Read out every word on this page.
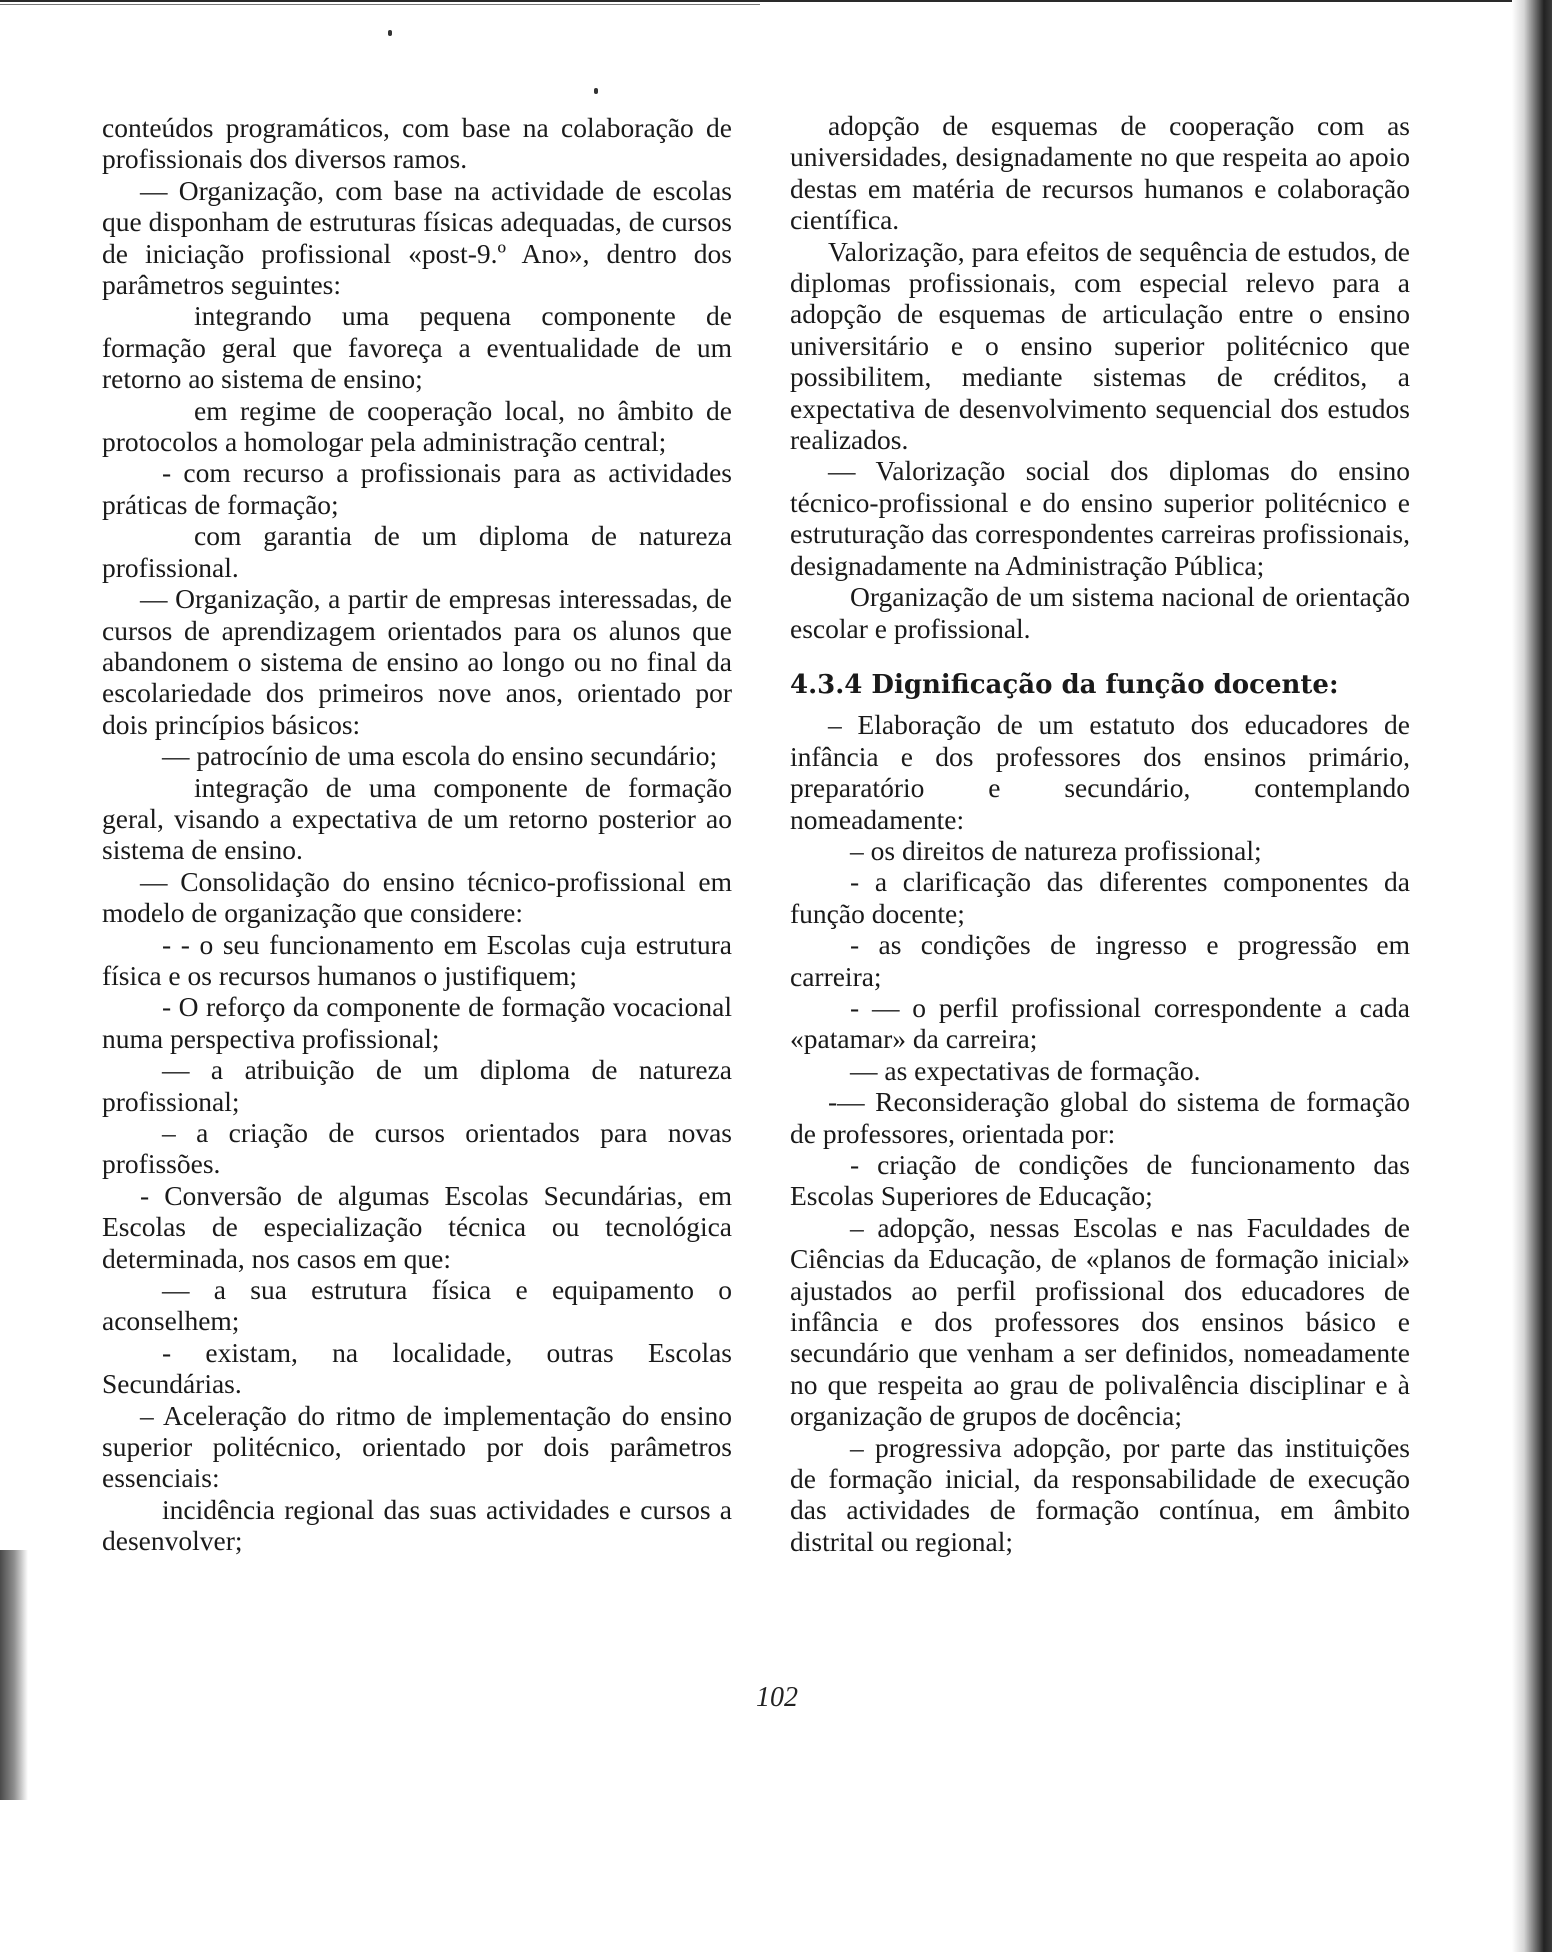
conteúdos programáticos, com base na colaboração de profissionais dos diversos ramos.

— Organização, com base na actividade de escolas que disponham de estruturas físicas adequadas, de cursos de iniciação profissional «post-9.º Ano», dentro dos parâmetros seguintes:

integrando uma pequena componente de formação geral que favoreça a eventualidade de um retorno ao sistema de ensino;

em regime de cooperação local, no âmbito de protocolos a homologar pela administração central;

- com recurso a profissionais para as actividades práticas de formação;

com garantia de um diploma de natureza profissional.

— Organização, a partir de empresas interessadas, de cursos de aprendizagem orientados para os alunos que abandonem o sistema de ensino ao longo ou no final da escolariedade dos primeiros nove anos, orientado por dois princípios básicos:

— patrocínio de uma escola do ensino secundário;

integração de uma componente de formação geral, visando a expectativa de um retorno posterior ao sistema de ensino.

— Consolidação do ensino técnico-profissional em modelo de organização que considere:

- - o seu funcionamento em Escolas cuja estrutura física e os recursos humanos o justifiquem;

- O reforço da componente de formação vocacional numa perspectiva profissional;

— a atribuição de um diploma de natureza profissional;

– a criação de cursos orientados para novas profissões.

- Conversão de algumas Escolas Secundárias, em Escolas de especialização técnica ou tecnológica determinada, nos casos em que:

— a sua estrutura física e equipamento o aconselhem;

- existam, na localidade, outras Escolas Secundárias.

– Aceleração do ritmo de implementação do ensino superior politécnico, orientado por dois parâmetros essenciais:

incidência regional das suas actividades e cursos a desenvolver;

adopção de esquemas de cooperação com as universidades, designadamente no que respeita ao apoio destas em matéria de recursos humanos e colaboração científica.

Valorização, para efeitos de sequência de estudos, de diplomas profissionais, com especial relevo para a adopção de esquemas de articulação entre o ensino universitário e o ensino superior politécnico que possibilitem, mediante sistemas de créditos, a expectativa de desenvolvimento sequencial dos estudos realizados.

— Valorização social dos diplomas do ensino técnico-profissional e do ensino superior politécnico e estruturação das correspondentes carreiras profissionais, designadamente na Administração Pública;

Organização de um sistema nacional de orientação escolar e profissional.

4.3.4 Dignificação da função docente:

– Elaboração de um estatuto dos educadores de infância e dos professores dos ensinos primário, preparatório e secundário, contemplando nomeadamente:

– os direitos de natureza profissional;

- a clarificação das diferentes componentes da função docente;

- as condições de ingresso e progressão em carreira;

- — o perfil profissional correspondente a cada «patamar» da carreira;

— as expectativas de formação.

-— Reconsideração global do sistema de formação de professores, orientada por:

- criação de condições de funcionamento das Escolas Superiores de Educação;

– adopção, nessas Escolas e nas Faculdades de Ciências da Educação, de «planos de formação inicial» ajustados ao perfil profissional dos educadores de infância e dos professores dos ensinos básico e secundário que venham a ser definidos, nomeadamente no que respeita ao grau de polivalência disciplinar e à organização de grupos de docência;

– progressiva adopção, por parte das instituições de formação inicial, da responsabilidade de execução das actividades de formação contínua, em âmbito distrital ou regional;

102
